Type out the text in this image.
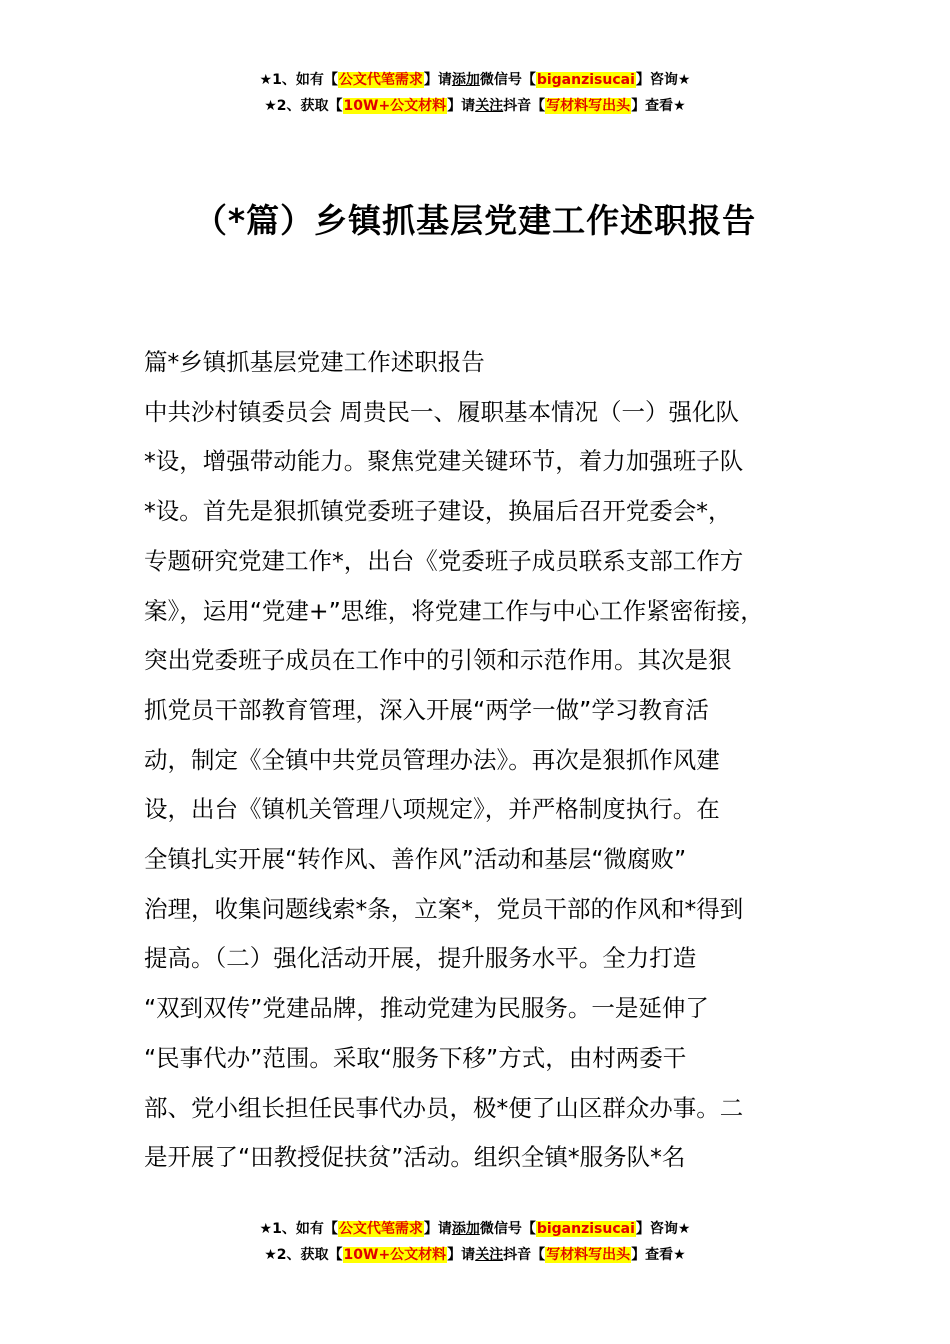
★1、如有【公文代笔需求】请添加微信号【biganzisucai】咨询★
★2、获取【10W+公文材料】请关注抖音【写材料写出头】查看★
（*篇）乡镇抓基层党建工作述职报告
篇*乡镇抓基层党建工作述职报告
中共沙村镇委员会 周贵民一、履职基本情况（一）强化队
*设，增强带动能力。聚焦党建关键环节，着力加强班子队
*设。首先是狠抓镇党委班子建设，换届后召开党委会*，
专题研究党建工作*，出台《党委班子成员联系支部工作方
案》，运用“党建+”思维，将党建工作与中心工作紧密衔接，
突出党委班子成员在工作中的引领和示范作用。其次是狠
抓党员干部教育管理，深入开展“两学一做”学习教育活
动，制定《全镇中共党员管理办法》。再次是狠抓作风建
设，出台《镇机关管理八项规定》，并严格制度执行。在
全镇扎实开展“转作风、善作风”活动和基层“微腐败”
治理，收集问题线索*条，立案*，党员干部的作风和*得到
提高。（二）强化活动开展，提升服务水平。全力打造
“双到双传”党建品牌，推动党建为民服务。一是延伸了
“民事代办”范围。采取“服务下移”方式，由村两委干
部、党小组长担任民事代办员，极*便了山区群众办事。二
是开展了“田教授促扶贫”活动。组织全镇*服务队*名
★1、如有【公文代笔需求】请添加微信号【biganzisucai】咨询★
★2、获取【10W+公文材料】请关注抖音【写材料写出头】查看★
